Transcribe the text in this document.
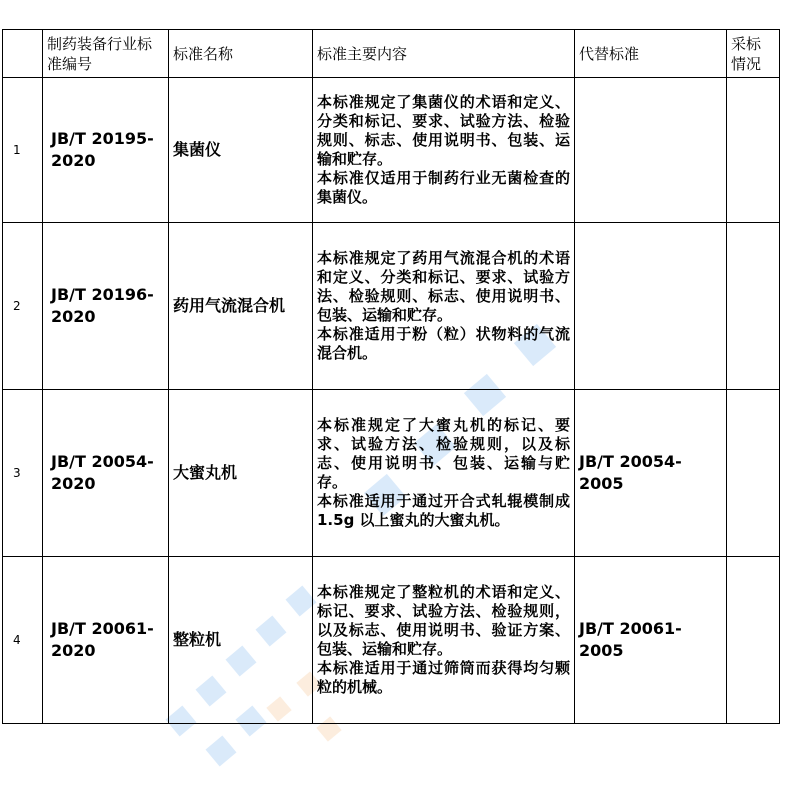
	制药装备行业标准编号	标准名称	标准主要内容	代替标准	采标情况
1	JB/T 20195-2020	集菌仪	本标准规定了集菌仪的术语和定义、分类和标记、要求、试验方法、检验规则、标志、使用说明书、包装、运输和贮存。

本标准仅适用于制药行业无菌检查的集菌仪。		

2	JB/T 20196-2020	药用气流混合机	本标准规定了药用气流混合机的术语和定义、分类和标记、要求、试验方法、检验规则、标志、使用说明书、包装、运输和贮存。

本标准适用于粉（粒）状物料的气流混合机。		

3	JB/T 20054-2020	大蜜丸机	本标准规定了大蜜丸机的标记、要求、试验方法、检验规则，以及标志、使用说明书、包装、运输与贮存。

本标准适用于通过开合式轧辊模制成 1.5g 以上蜜丸的大蜜丸机。	JB/T 20054-2005	
4	JB/T 20061-2020	整粒机	本标准规定了整粒机的术语和定义、标记、要求、试验方法、检验规则，以及标志、使用说明书、验证方案、包装、运输和贮存。

本标准适用于通过筛筒而获得均匀颗粒的机械。	JB/T 20061-2005	
